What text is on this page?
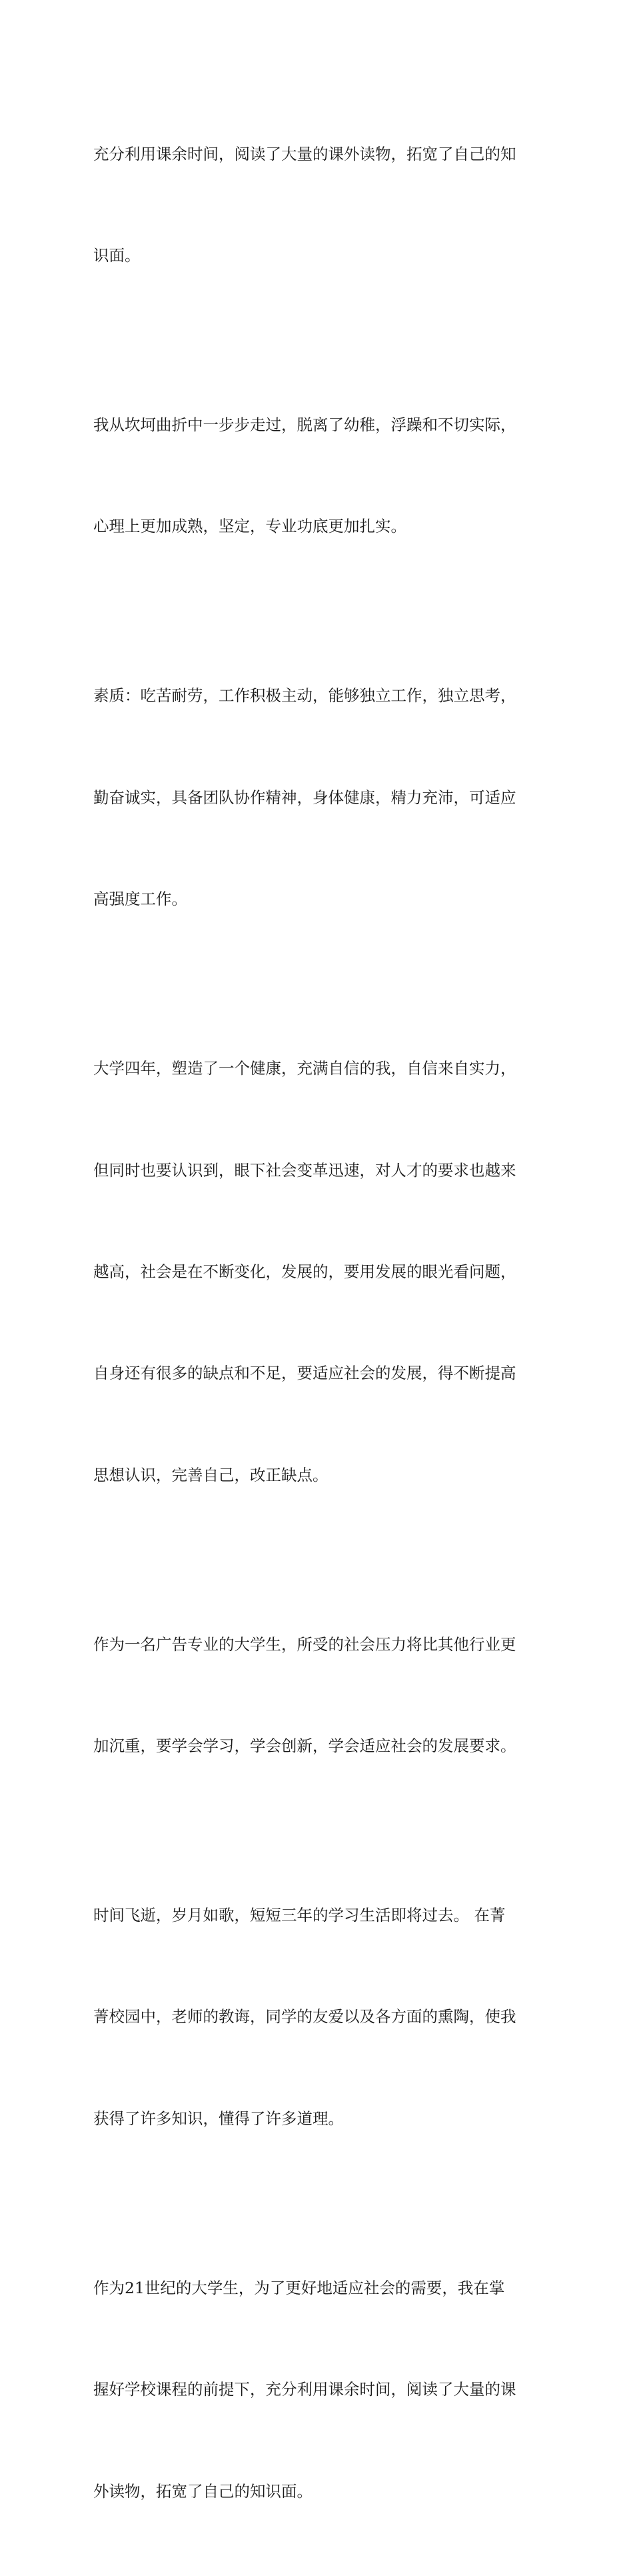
充分利用课余时间，阅读了大量的课外读物，拓宽了自己的知

识面。

我从坎坷曲折中一步步走过，脱离了幼稚，浮躁和不切实际，

心理上更加成熟，坚定，专业功底更加扎实。

素质：吃苦耐劳，工作积极主动，能够独立工作，独立思考，

勤奋诚实，具备团队协作精神，身体健康，精力充沛，可适应

高强度工作。

大学四年，塑造了一个健康，充满自信的我，自信来自实力，

但同时也要认识到，眼下社会变革迅速，对人才的要求也越来

越高，社会是在不断变化，发展的，要用发展的眼光看问题，

自身还有很多的缺点和不足，要适应社会的发展，得不断提高

思想认识，完善自己，改正缺点。

作为一名广告专业的大学生，所受的社会压力将比其他行业更

加沉重，要学会学习，学会创新，学会适应社会的发展要求。

时间飞逝，岁月如歌，短短三年的学习生活即将过去。 在菁

菁校园中，老师的教诲，同学的友爱以及各方面的熏陶，使我

获得了许多知识，懂得了许多道理。

作为21世纪的大学生，为了更好地适应社会的需要，我在掌

握好学校课程的前提下，充分利用课余时间，阅读了大量的课

外读物，拓宽了自己的知识面。
